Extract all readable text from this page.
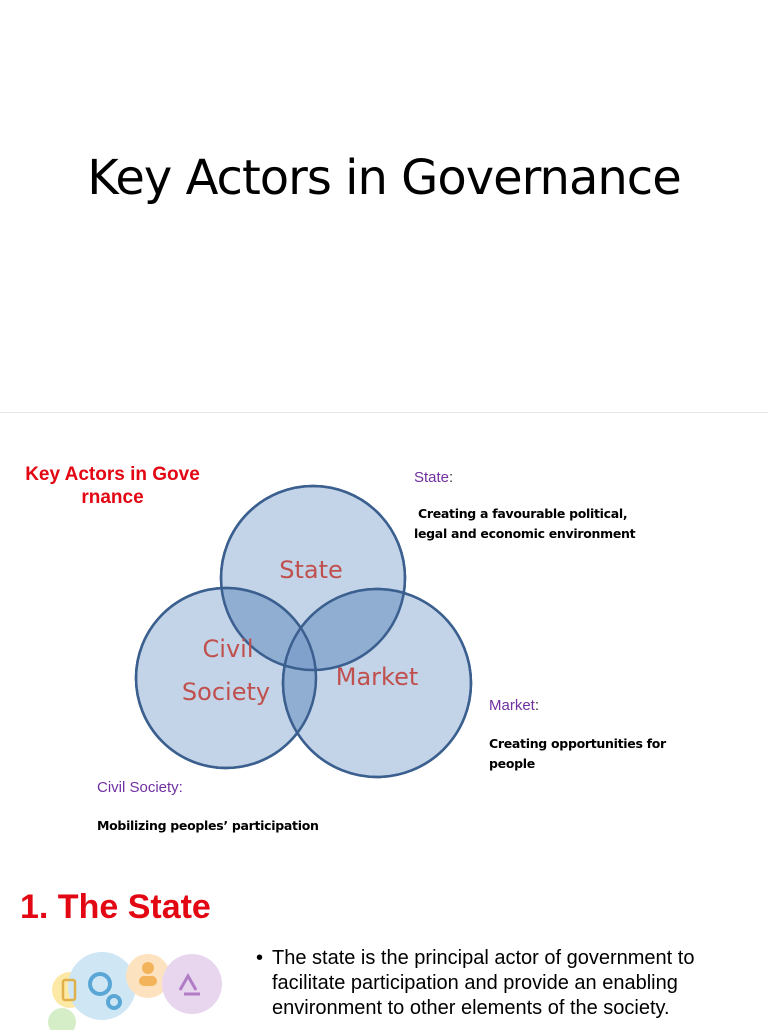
Key Actors in Governance
State
Civil
Society
Market
Key Actors in Gove
rnance
State:
Creating a favourable political,
legal and economic environment
Market:
Creating opportunities for
people
Civil Society:
Mobilizing peoples’ participation
1. The State
• The state is the principal actor of government to
facilitate participation and provide an enabling
environment to other elements of the society.
